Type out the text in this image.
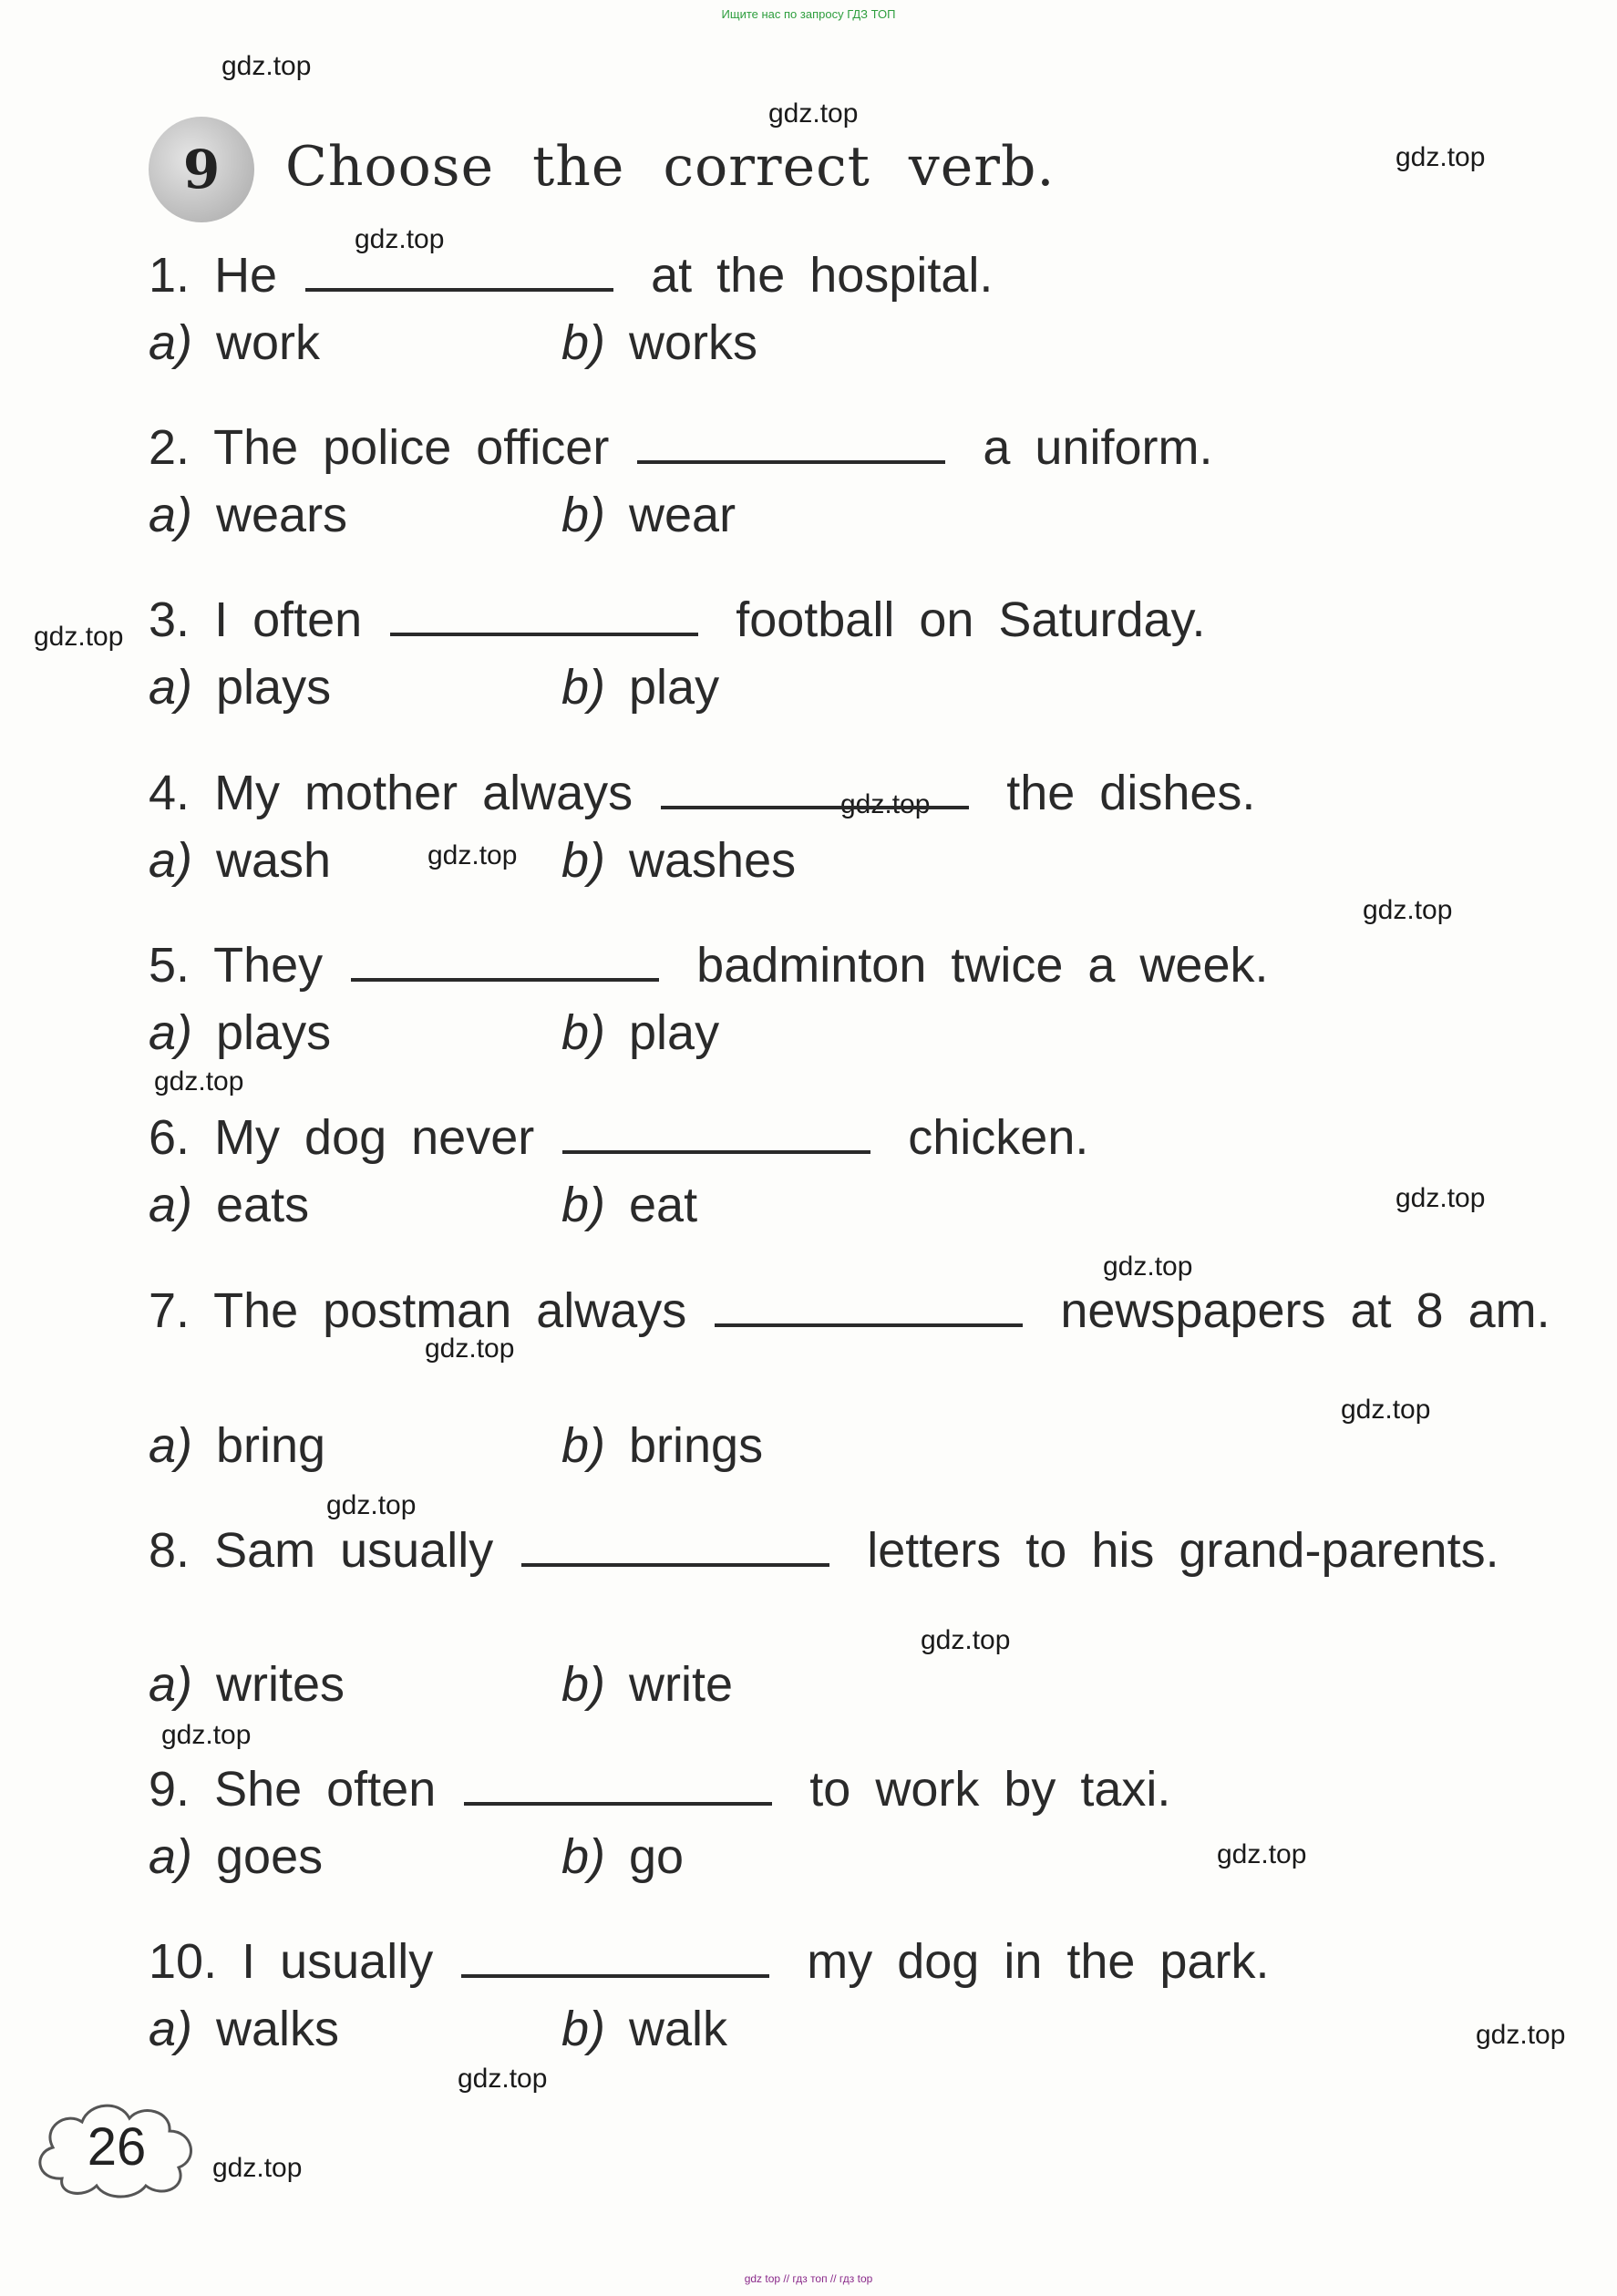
Ищите нас по запросу ГДЗ ТОП
gdz.top
gdz.top
gdz.top
gdz.top
gdz.top
gdz.top
gdz.top
gdz.top
gdz.top
gdz.top
gdz.top
gdz.top
gdz.top
gdz.top
gdz.top
gdz.top
gdz.top
gdz.top
gdz.top
gdz.top
9	Choose the correct verb.
1. He	at the hospital.
a) work	b) works
2. The police officer	a uniform.
a) wears	b) wear
3. I often	football on Saturday.
a) plays	b) play
4. My mother always	the dishes.
a) wash	b) washes
5. They	badminton twice a week.
a) plays	b) play
6. My dog never	chicken.
a) eats	b) eat
7. The postman always	newspapers at 8 am.
a) bring	b) brings
8. Sam usually	letters to his grand-parents.
a) writes	b) write
9. She often	to work by taxi.
a) goes	b) go
10. I usually	my dog in the park.
a) walks	b) walk
26
gdz top // гдз топ // гдз top
